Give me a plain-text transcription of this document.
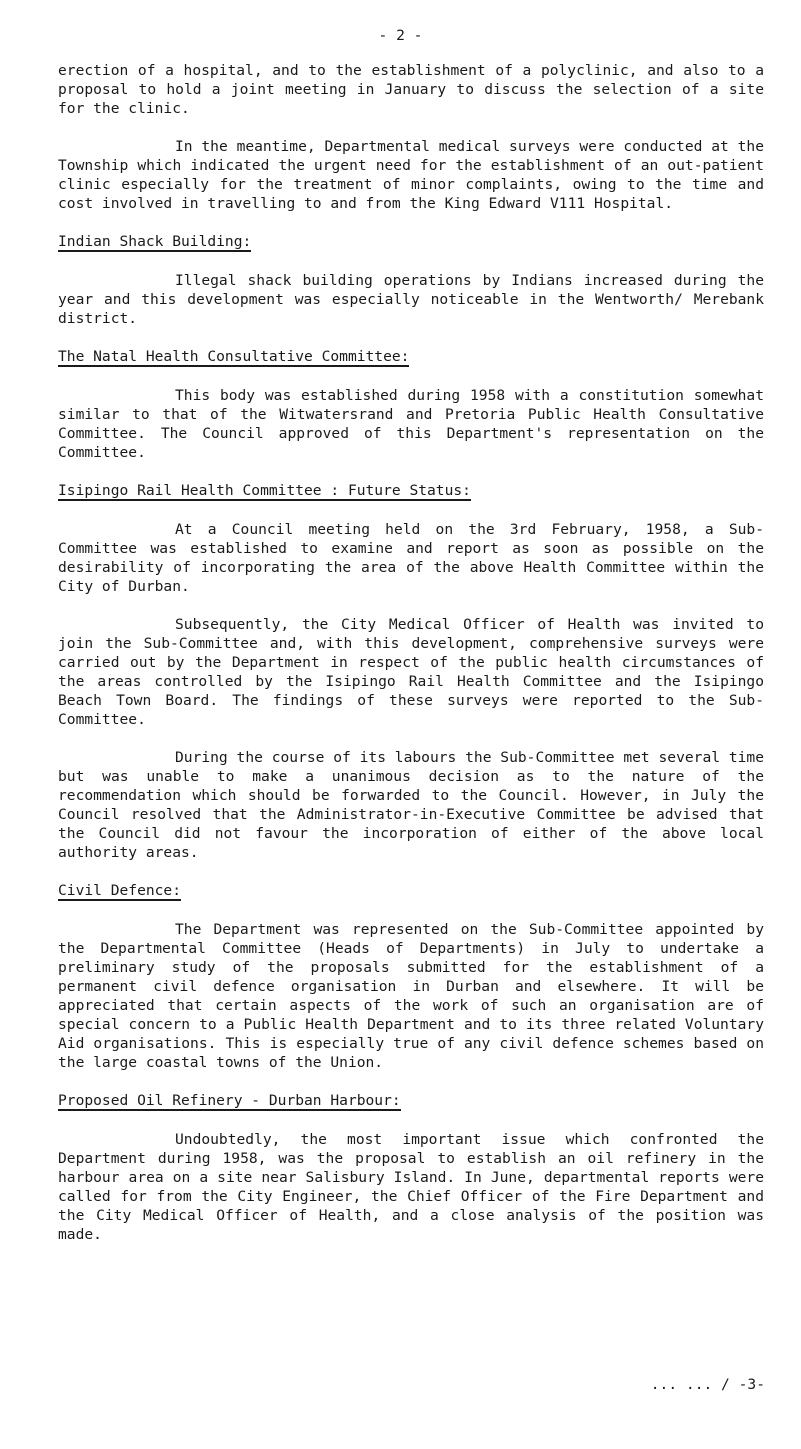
- 2 -

erection of a hospital, and to the establishment of a polyclinic, and also to a proposal to hold a joint meeting in January to discuss the selection of a site for the clinic.

In the meantime, Departmental medical surveys were conducted at the Township which indicated the urgent need for the establishment of an out-patient clinic especially for the treatment of minor complaints, owing to the time and cost involved in travelling to and from the King Edward V111 Hospital.

Indian Shack Building:

Illegal shack building operations by Indians increased during the year and this development was especially noticeable in the Wentworth/ Merebank district.

The Natal Health Consultative Committee:

This body was established during 1958 with a constitution somewhat similar to that of the Witwatersrand and Pretoria Public Health Consultative Committee. The Council approved of this Department's representation on the Committee.

Isipingo Rail Health Committee : Future Status:

At a Council meeting held on the 3rd February, 1958, a Sub-Committee was established to examine and report as soon as possible on the desirability of incorporating the area of the above Health Committee within the City of Durban.

Subsequently, the City Medical Officer of Health was invited to join the Sub-Committee and, with this development, comprehensive surveys were carried out by the Department in respect of the public health circumstances of the areas controlled by the Isipingo Rail Health Committee and the Isipingo Beach Town Board. The findings of these surveys were reported to the Sub-Committee.

During the course of its labours the Sub-Committee met several time but was unable to make a unanimous decision as to the nature of the recommendation which should be forwarded to the Council. However, in July the Council resolved that the Administrator-in-Executive Committee be advised that the Council did not favour the incorporation of either of the above local authority areas.

Civil Defence:

The Department was represented on the Sub-Committee appointed by the Departmental Committee (Heads of Departments) in July to undertake a preliminary study of the proposals submitted for the establishment of a permanent civil defence organisation in Durban and elsewhere. It will be appreciated that certain aspects of the work of such an organisation are of special concern to a Public Health Department and to its three related Voluntary Aid organisations. This is especially true of any civil defence schemes based on the large coastal towns of the Union.

Proposed Oil Refinery - Durban Harbour:

Undoubtedly, the most important issue which confronted the Department during 1958, was the proposal to establish an oil refinery in the harbour area on a site near Salisbury Island. In June, departmental reports were called for from the City Engineer, the Chief Officer of the Fire Department and the City Medical Officer of Health, and a close analysis of the position was made.

... ... / -3-
